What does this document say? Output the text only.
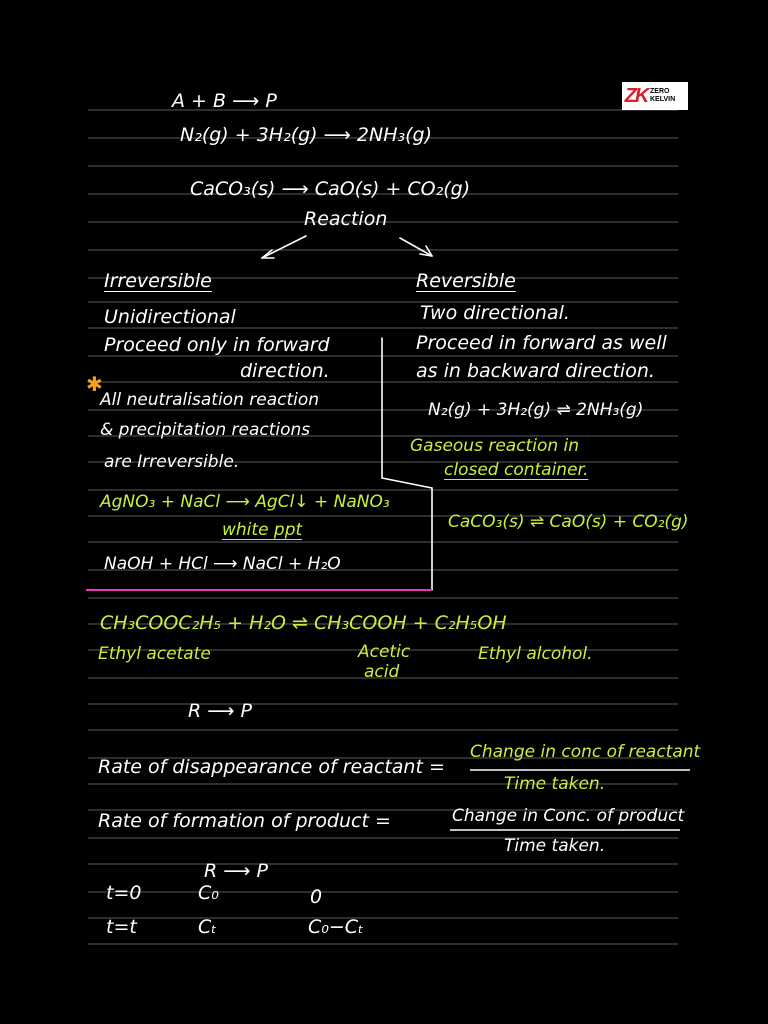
ZK ZERO
KELVIN
A + B ⟶ P
N₂(g) + 3H₂(g) ⟶ 2NH₃(g)
CaCO₃(s) ⟶ CaO(s) + CO₂(g)
Reaction
Irreversible
Unidirectional
Proceed only in forward
direction.
✱
All neutralisation reaction
& precipitation reactions
are Irreversible.
AgNO₃ + NaCl ⟶ AgCl↓ + NaNO₃
white ppt
NaOH + HCl ⟶ NaCl + H₂O
Reversible
Two directional.
Proceed in forward as well
as in backward direction.
N₂(g) + 3H₂(g) ⇌ 2NH₃(g)
Gaseous reaction in
closed container.
CaCO₃(s) ⇌ CaO(s) + CO₂(g)
CH₃COOC₂H₅ + H₂O ⇌ CH₃COOH + C₂H₅OH
Ethyl acetate	Acetic
acid
Ethyl alcohol.
R ⟶ P
Rate of disappearance of reactant =
Change in conc of reactant
Time taken.
Rate of formation of product =	Change in Conc. of product
Time taken.
R ⟶ P
t=0	C₀	0
t=t	Cₜ	C₀−Cₜ
